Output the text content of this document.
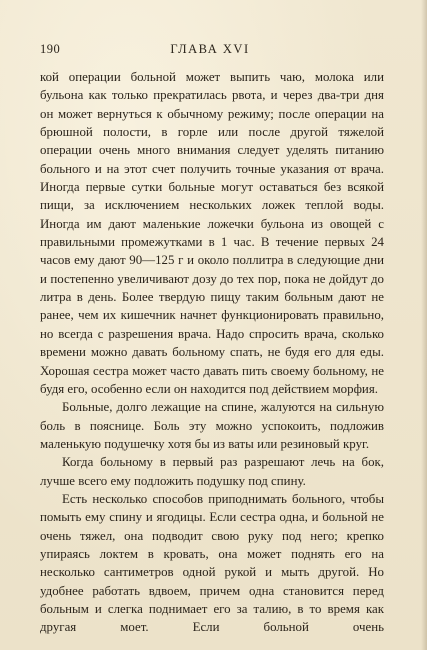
190	ГЛАВА XVI

кой операции больной может выпить чаю, молока или бульона как только прекратилась рвота, и через два-три дня он может вернуться к обычному режиму; после операции на брюшной полости, в горле или после другой тяжелой операции очень много внимания следует уделять питанию больного и на этот счет получить точные указания от врача. Иногда первые сутки больные могут оставаться без всякой пищи, за исключением нескольких ложек теплой воды. Иногда им дают маленькие ложечки бульона из овощей с правильными промежутками в 1 час. В течение первых 24 часов ему дают 90—125 г и около поллитра в следующие дни и постепенно увеличивают дозу до тех пор, пока не дойдут до литра в день. Более твердую пищу таким больным дают не ранее, чем их кишечник начнет функционировать правильно, но всегда с разрешения врача. Надо спросить врача, сколько времени можно давать больному спать, не будя его для еды. Хорошая сестра может часто давать пить своему больному, не будя его, особенно если он находится под действием морфия.

Больные, долго лежащие на спине, жалуются на сильную боль в пояснице. Боль эту можно успокоить, подложив маленькую подушечку хотя бы из ваты или резиновый круг.

Когда больному в первый раз разрешают лечь на бок, лучше всего ему подложить подушку под спину.

Есть несколько способов приподнимать больного, чтобы помыть ему спину и ягодицы. Если сестра одна, и больной не очень тяжел, она подводит свою руку под него; крепко упираясь локтем в кровать, она может поднять его на несколько сантиметров одной рукой и мыть другой. Но удобнее работать вдвоем, причем одна становится перед больным и слегка поднимает его за талию, в то время как другая моет. Если больной очень
